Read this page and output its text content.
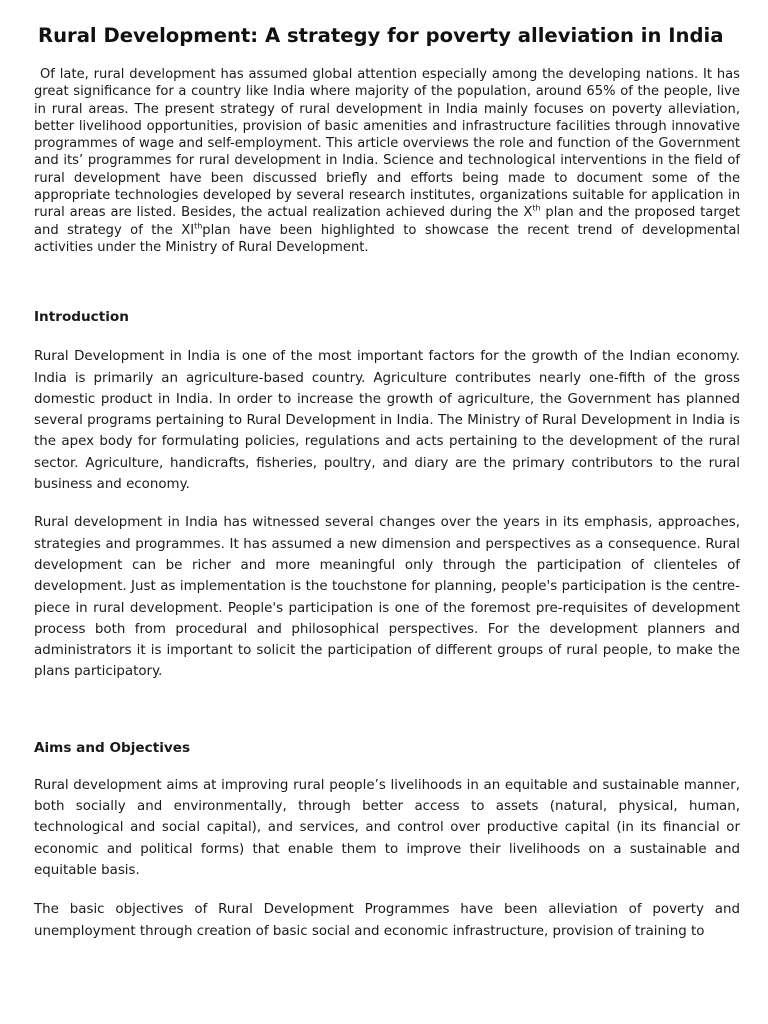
Rural Development: A strategy for poverty alleviation in India

Of late, rural development has assumed global attention especially among the developing nations. It has great significance for a country like India where majority of the population, around 65% of the people, live in rural areas. The present strategy of rural development in India mainly focuses on poverty alleviation, better livelihood opportunities, provision of basic amenities and infrastructure facilities through innovative programmes of wage and self-employment. This article overviews the role and function of the Government and its’ programmes for rural development in India. Science and technological interventions in the field of rural development have been discussed briefly and efforts being made to document some of the appropriate technologies developed by several research institutes, organizations suitable for application in rural areas are listed. Besides, the actual realization achieved during the Xth plan and the proposed target and strategy of the XIthplan have been highlighted to showcase the recent trend of developmental activities under the Ministry of Rural Development.

Introduction

Rural Development in India is one of the most important factors for the growth of the Indian economy. India is primarily an agriculture-based country. Agriculture contributes nearly one-fifth of the gross domestic product in India. In order to increase the growth of agriculture, the Government has planned several programs pertaining to Rural Development in India. The Ministry of Rural Development in India is the apex body for formulating policies, regulations and acts pertaining to the development of the rural sector. Agriculture, handicrafts, fisheries, poultry, and diary are the primary contributors to the rural business and economy.

Rural development in India has witnessed several changes over the years in its emphasis, approaches, strategies and programmes. It has assumed a new dimension and perspectives as a consequence. Rural development can be richer and more meaningful only through the participation of clienteles of development. Just as implementation is the touchstone for planning, people's participation is the centre-piece in rural development. People's participation is one of the foremost pre-requisites of development process both from procedural and philosophical perspectives. For the development planners and administrators it is important to solicit the participation of different groups of rural people, to make the plans participatory.

Aims and Objectives

Rural development aims at improving rural people’s livelihoods in an equitable and sustainable manner, both socially and environmentally, through better access to assets (natural, physical, human, technological and social capital), and services, and control over productive capital (in its financial or economic and political forms) that enable them to improve their livelihoods on a sustainable and equitable basis.

The basic objectives of Rural Development Programmes have been alleviation of poverty and unemployment through creation of basic social and economic infrastructure, provision of training to
